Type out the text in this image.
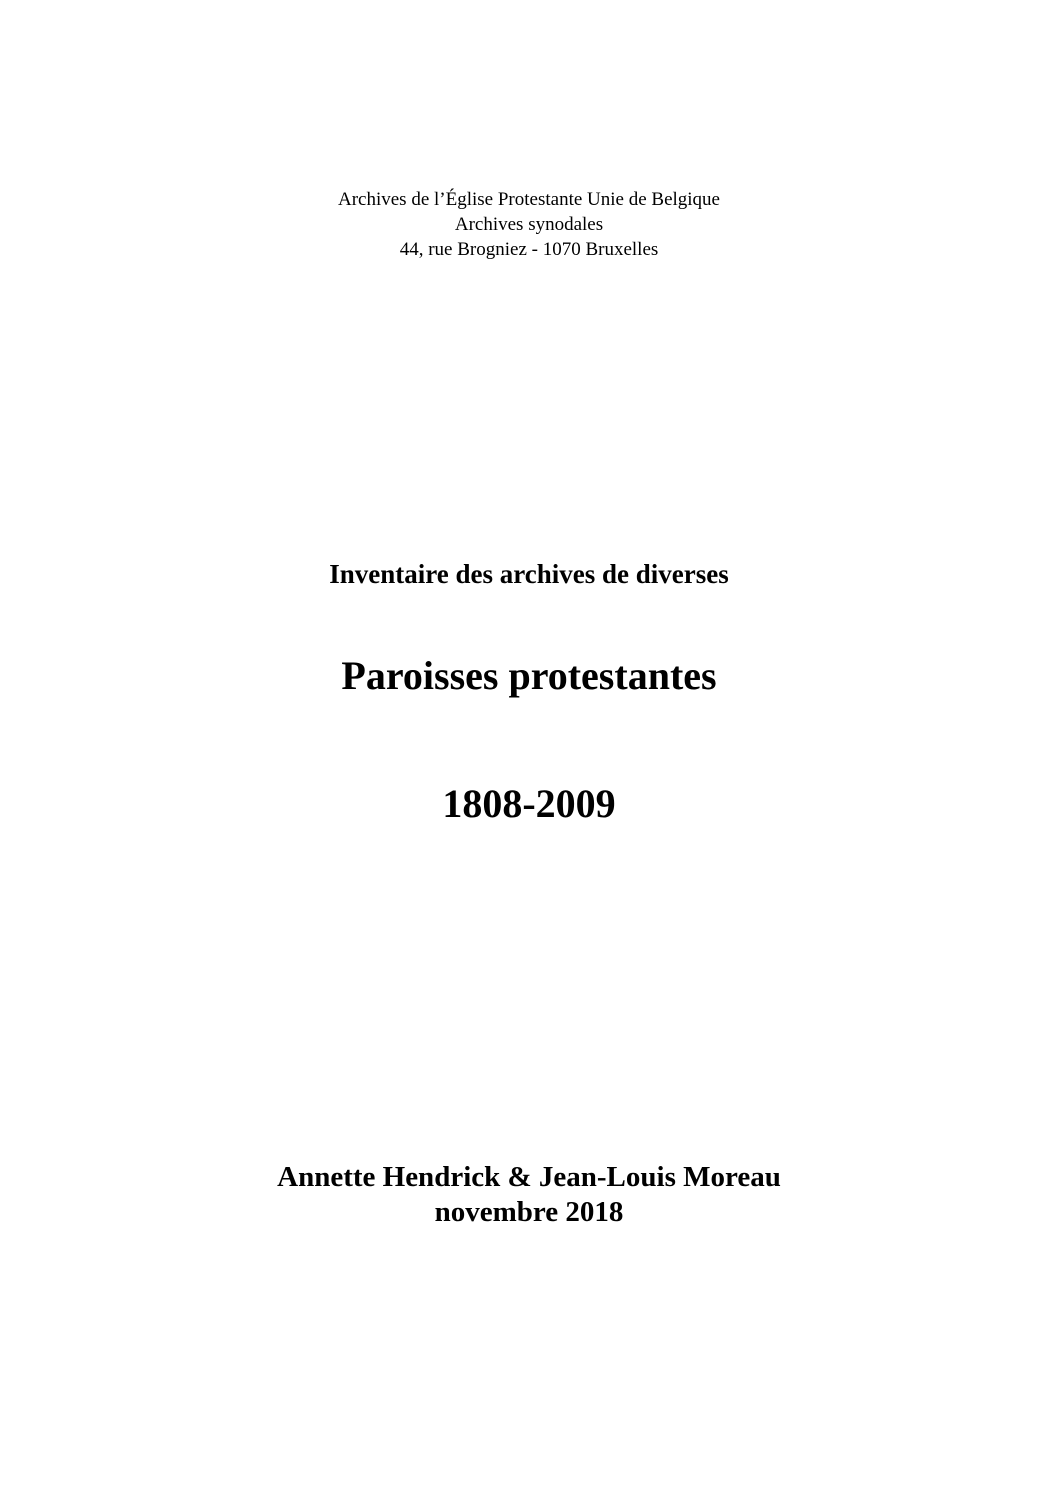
Archives de l’Église Protestante Unie de Belgique
Archives synodales
44, rue Brogniez - 1070 Bruxelles
Inventaire des archives de diverses
Paroisses protestantes
1808-2009
Annette Hendrick & Jean-Louis Moreau
novembre 2018
